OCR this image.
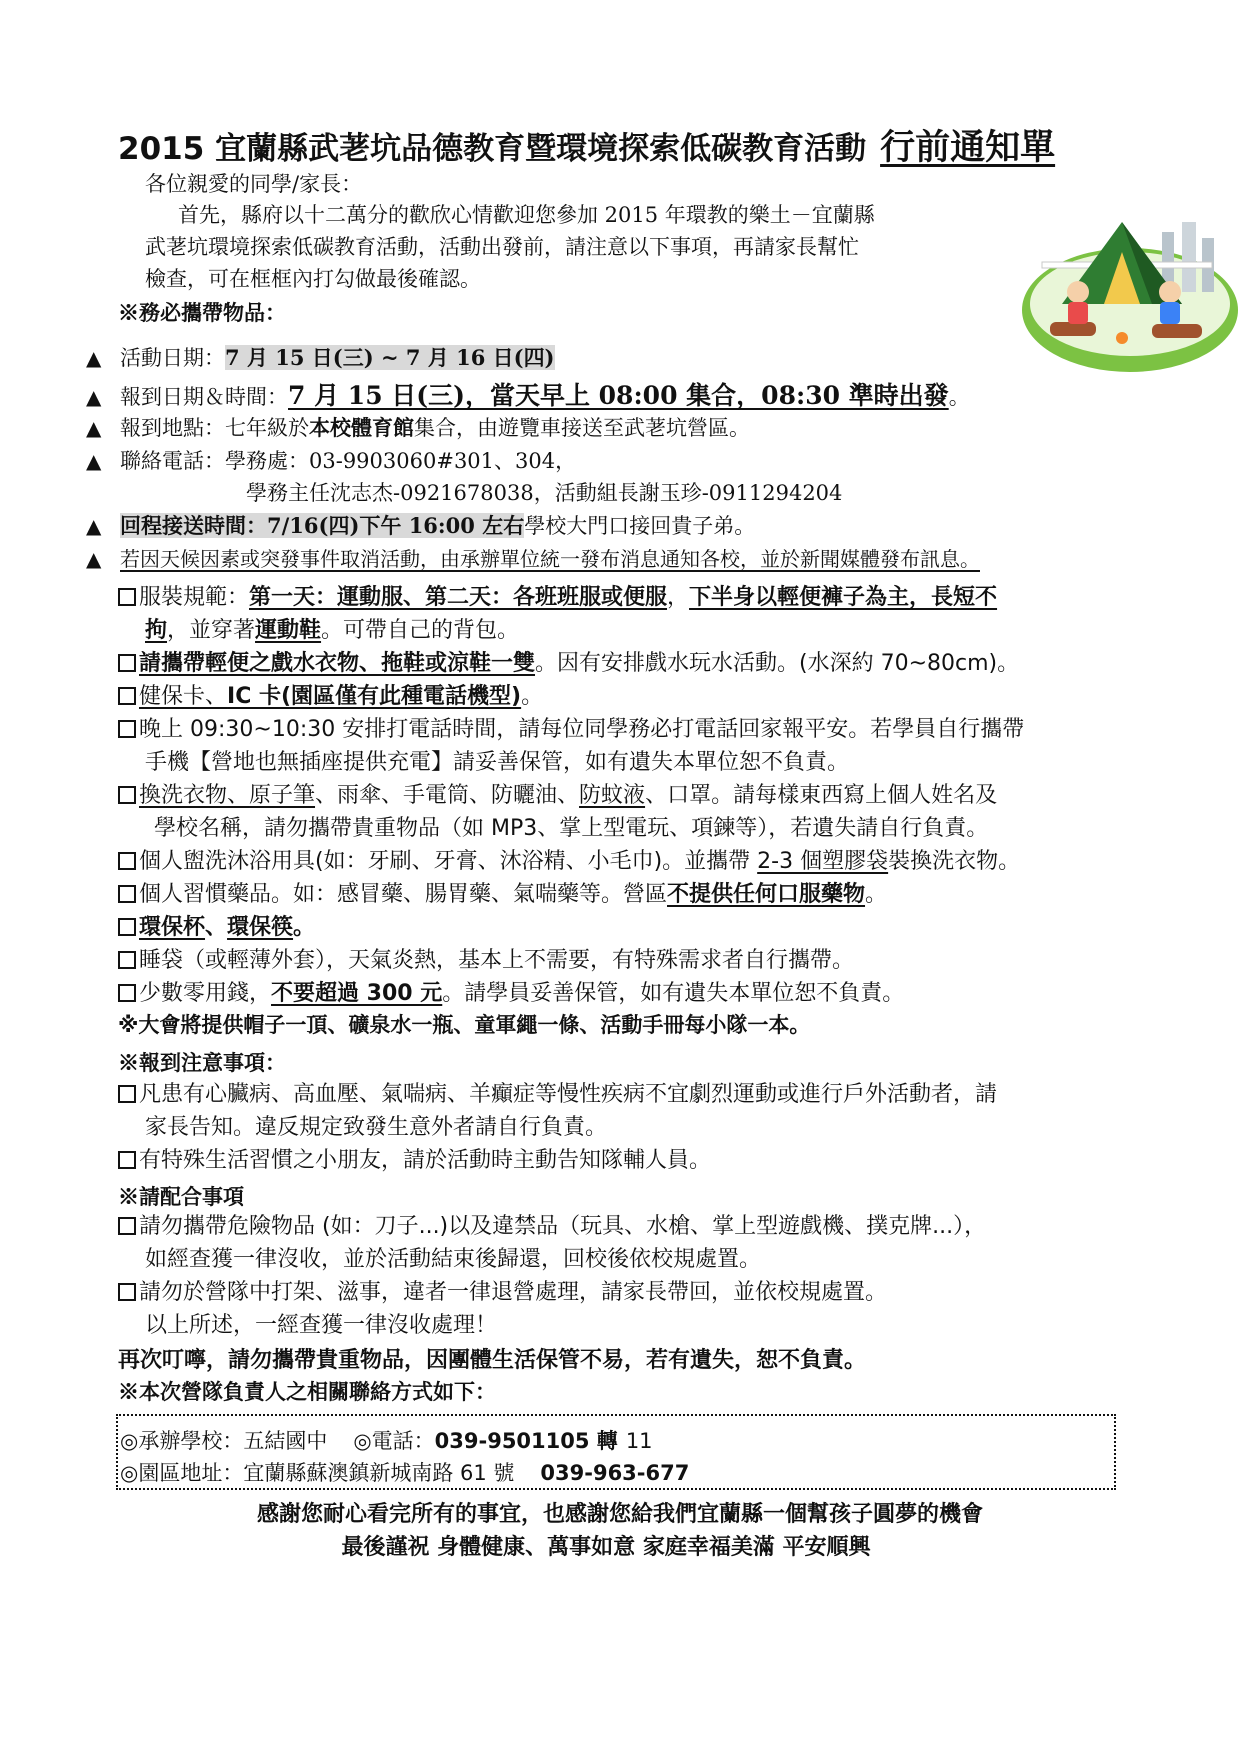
2015 宜蘭縣武荖坑品德教育暨環境探索低碳教育活動 行前通知單
各位親愛的同學/家長：
首先，縣府以十二萬分的歡欣心情歡迎您參加 2015 年環教的樂土－宜蘭縣
武荖坑環境探索低碳教育活動，活動出發前，請注意以下事項，再請家長幫忙
檢查，可在框框內打勾做最後確認。
※務必攜帶物品：
▲ 活動日期：7 月 15 日(三) ~ 7 月 16 日(四)
▲ 報到日期＆時間：7 月 15 日(三)，當天早上 08:00 集合，08:30 準時出發。
▲ 報到地點：七年級於本校體育館集合，由遊覽車接送至武荖坑營區。
▲ 聯絡電話：學務處：03-9903060#301、304，
學務主任沈志杰-0921678038，活動組長謝玉珍-0911294204
▲ 回程接送時間：7/16(四)下午 16:00 左右學校大門口接回貴子弟。
▲ 若因天候因素或突發事件取消活動，由承辦單位統一發布消息通知各校，並於新聞媒體發布訊息。
服裝規範：第一天：運動服、第二天：各班班服或便服，下半身以輕便褲子為主，長短不
拘，並穿著運動鞋。可帶自己的背包。
請攜帶輕便之戲水衣物、拖鞋或涼鞋一雙。因有安排戲水玩水活動。(水深約 70~80cm)。
健保卡、IC 卡(園區僅有此種電話機型)。
晚上 09:30~10:30 安排打電話時間，請每位同學務必打電話回家報平安。若學員自行攜帶
手機【營地也無插座提供充電】請妥善保管，如有遺失本單位恕不負責。
換洗衣物、原子筆、雨傘、手電筒、防曬油、防蚊液、口罩。請每樣東西寫上個人姓名及
學校名稱，請勿攜帶貴重物品（如 MP3、掌上型電玩、項鍊等），若遺失請自行負責。
個人盥洗沐浴用具(如：牙刷、牙膏、沐浴精、小毛巾)。並攜帶 2-3 個塑膠袋裝換洗衣物。
個人習慣藥品。如：感冒藥、腸胃藥、氣喘藥等。營區不提供任何口服藥物。
環保杯、環保筷。
睡袋（或輕薄外套），天氣炎熱，基本上不需要，有特殊需求者自行攜帶。
少數零用錢，不要超過 300 元。請學員妥善保管，如有遺失本單位恕不負責。
※大會將提供帽子一頂、礦泉水一瓶、童軍繩一條、活動手冊每小隊一本。
※報到注意事項：
凡患有心臟病、高血壓、氣喘病、羊癲症等慢性疾病不宜劇烈運動或進行戶外活動者，請
家長告知。違反規定致發生意外者請自行負責。
有特殊生活習慣之小朋友，請於活動時主動告知隊輔人員。
※請配合事項
請勿攜帶危險物品 (如：刀子...)以及違禁品（玩具、水槍、掌上型遊戲機、撲克牌...），
如經查獲一律沒收，並於活動結束後歸還，回校後依校規處置。
請勿於營隊中打架、滋事，違者一律退營處理，請家長帶回，並依校規處置。
以上所述，一經查獲一律沒收處理！
再次叮嚀，請勿攜帶貴重物品，因團體生活保管不易，若有遺失，恕不負責。
※本次營隊負責人之相關聯絡方式如下：
◎承辦學校：五結國中 ◎電話：039-9501105 轉 11
◎園區地址：宜蘭縣蘇澳鎮新城南路 61 號 039-963-677
感謝您耐心看完所有的事宜，也感謝您給我們宜蘭縣一個幫孩子圓夢的機會
最後謹祝 身體健康、萬事如意 家庭幸福美滿 平安順興
